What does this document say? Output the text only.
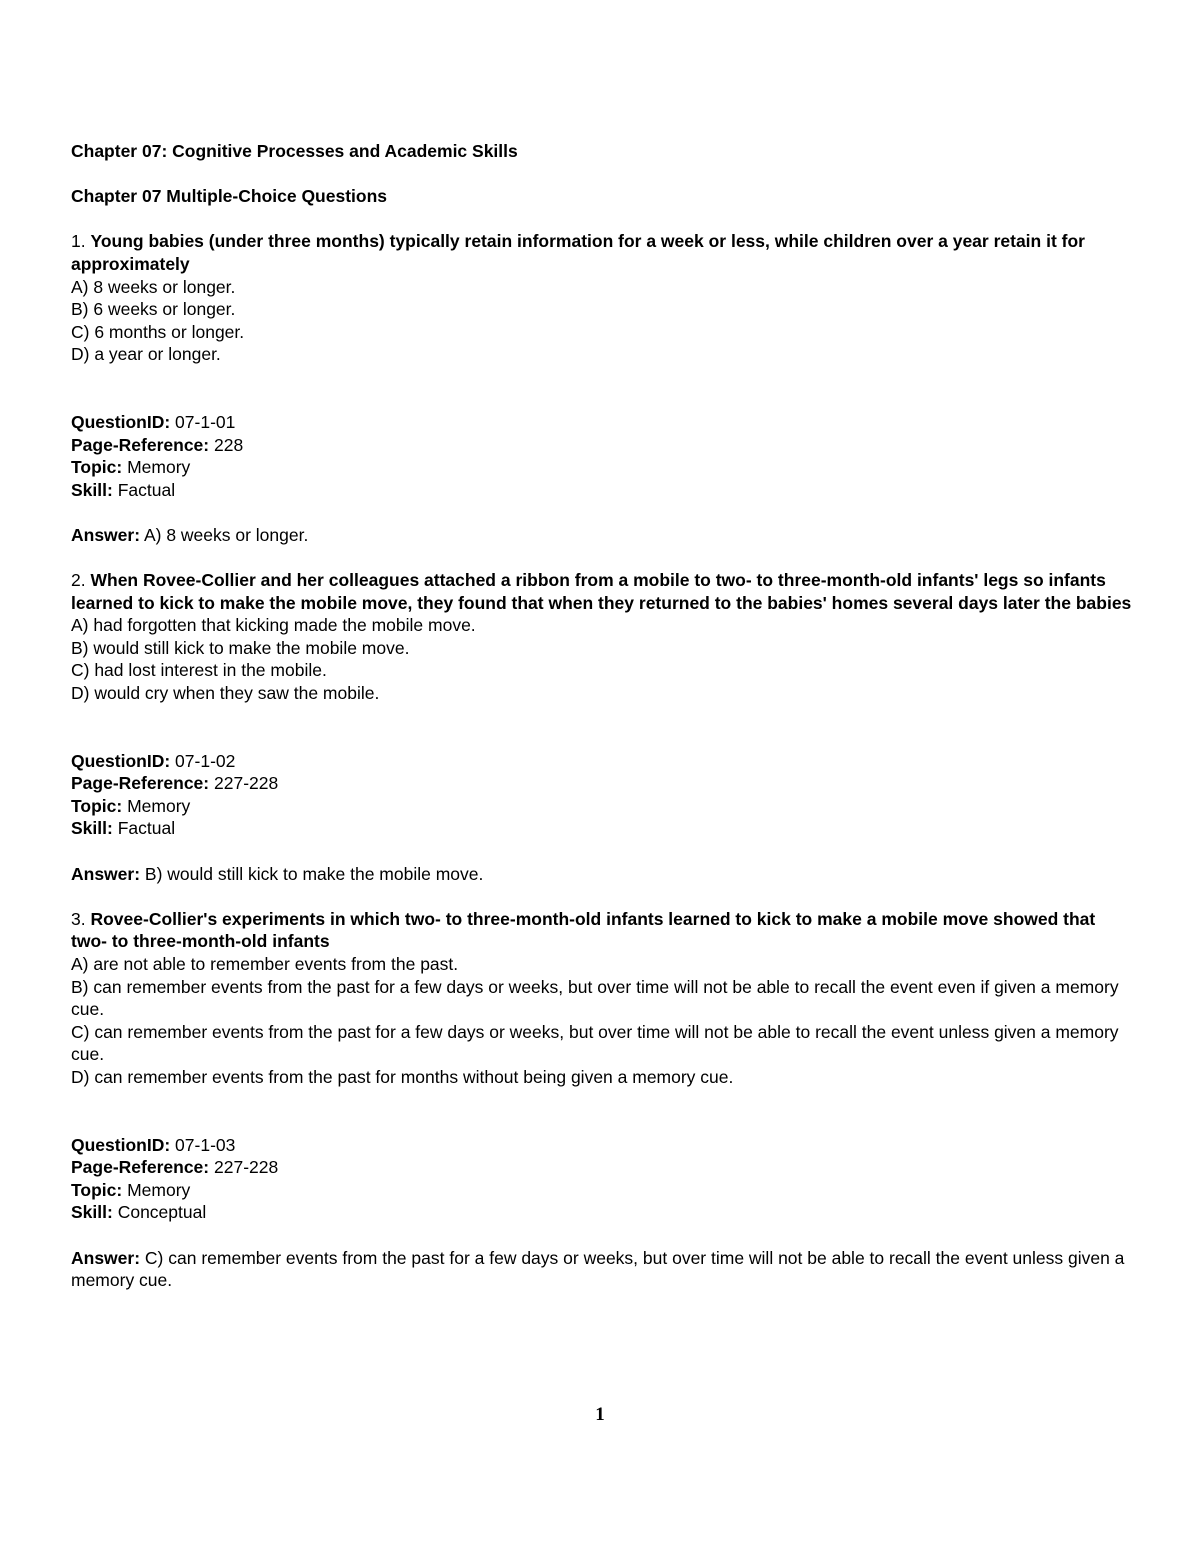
Chapter 07: Cognitive Processes and Academic Skills

Chapter 07 Multiple-Choice Questions

1. Young babies (under three months) typically retain information for a week or less, while children over a year retain it for approximately

A) 8 weeks or longer.

B) 6 weeks or longer.

C) 6 months or longer.

D) a year or longer.

QuestionID: 07-1-01

Page-Reference: 228

Topic: Memory

Skill: Factual

Answer: A) 8 weeks or longer.

2. When Rovee-Collier and her colleagues attached a ribbon from a mobile to two- to three-month-old infants' legs so infants learned to kick to make the mobile move, they found that when they returned to the babies' homes several days later the babies

A) had forgotten that kicking made the mobile move.

B) would still kick to make the mobile move.

C) had lost interest in the mobile.

D) would cry when they saw the mobile.

QuestionID: 07-1-02

Page-Reference: 227-228

Topic: Memory

Skill: Factual

Answer: B) would still kick to make the mobile move.

3. Rovee-Collier's experiments in which two- to three-month-old infants learned to kick to make a mobile move showed that two- to three-month-old infants

A) are not able to remember events from the past.

B) can remember events from the past for a few days or weeks, but over time will not be able to recall the event even if given a memory cue.

C) can remember events from the past for a few days or weeks, but over time will not be able to recall the event unless given a memory cue.

D) can remember events from the past for months without being given a memory cue.

QuestionID: 07-1-03

Page-Reference: 227-228

Topic: Memory

Skill: Conceptual

Answer: C) can remember events from the past for a few days or weeks, but over time will not be able to recall the event unless given a memory cue.

1
